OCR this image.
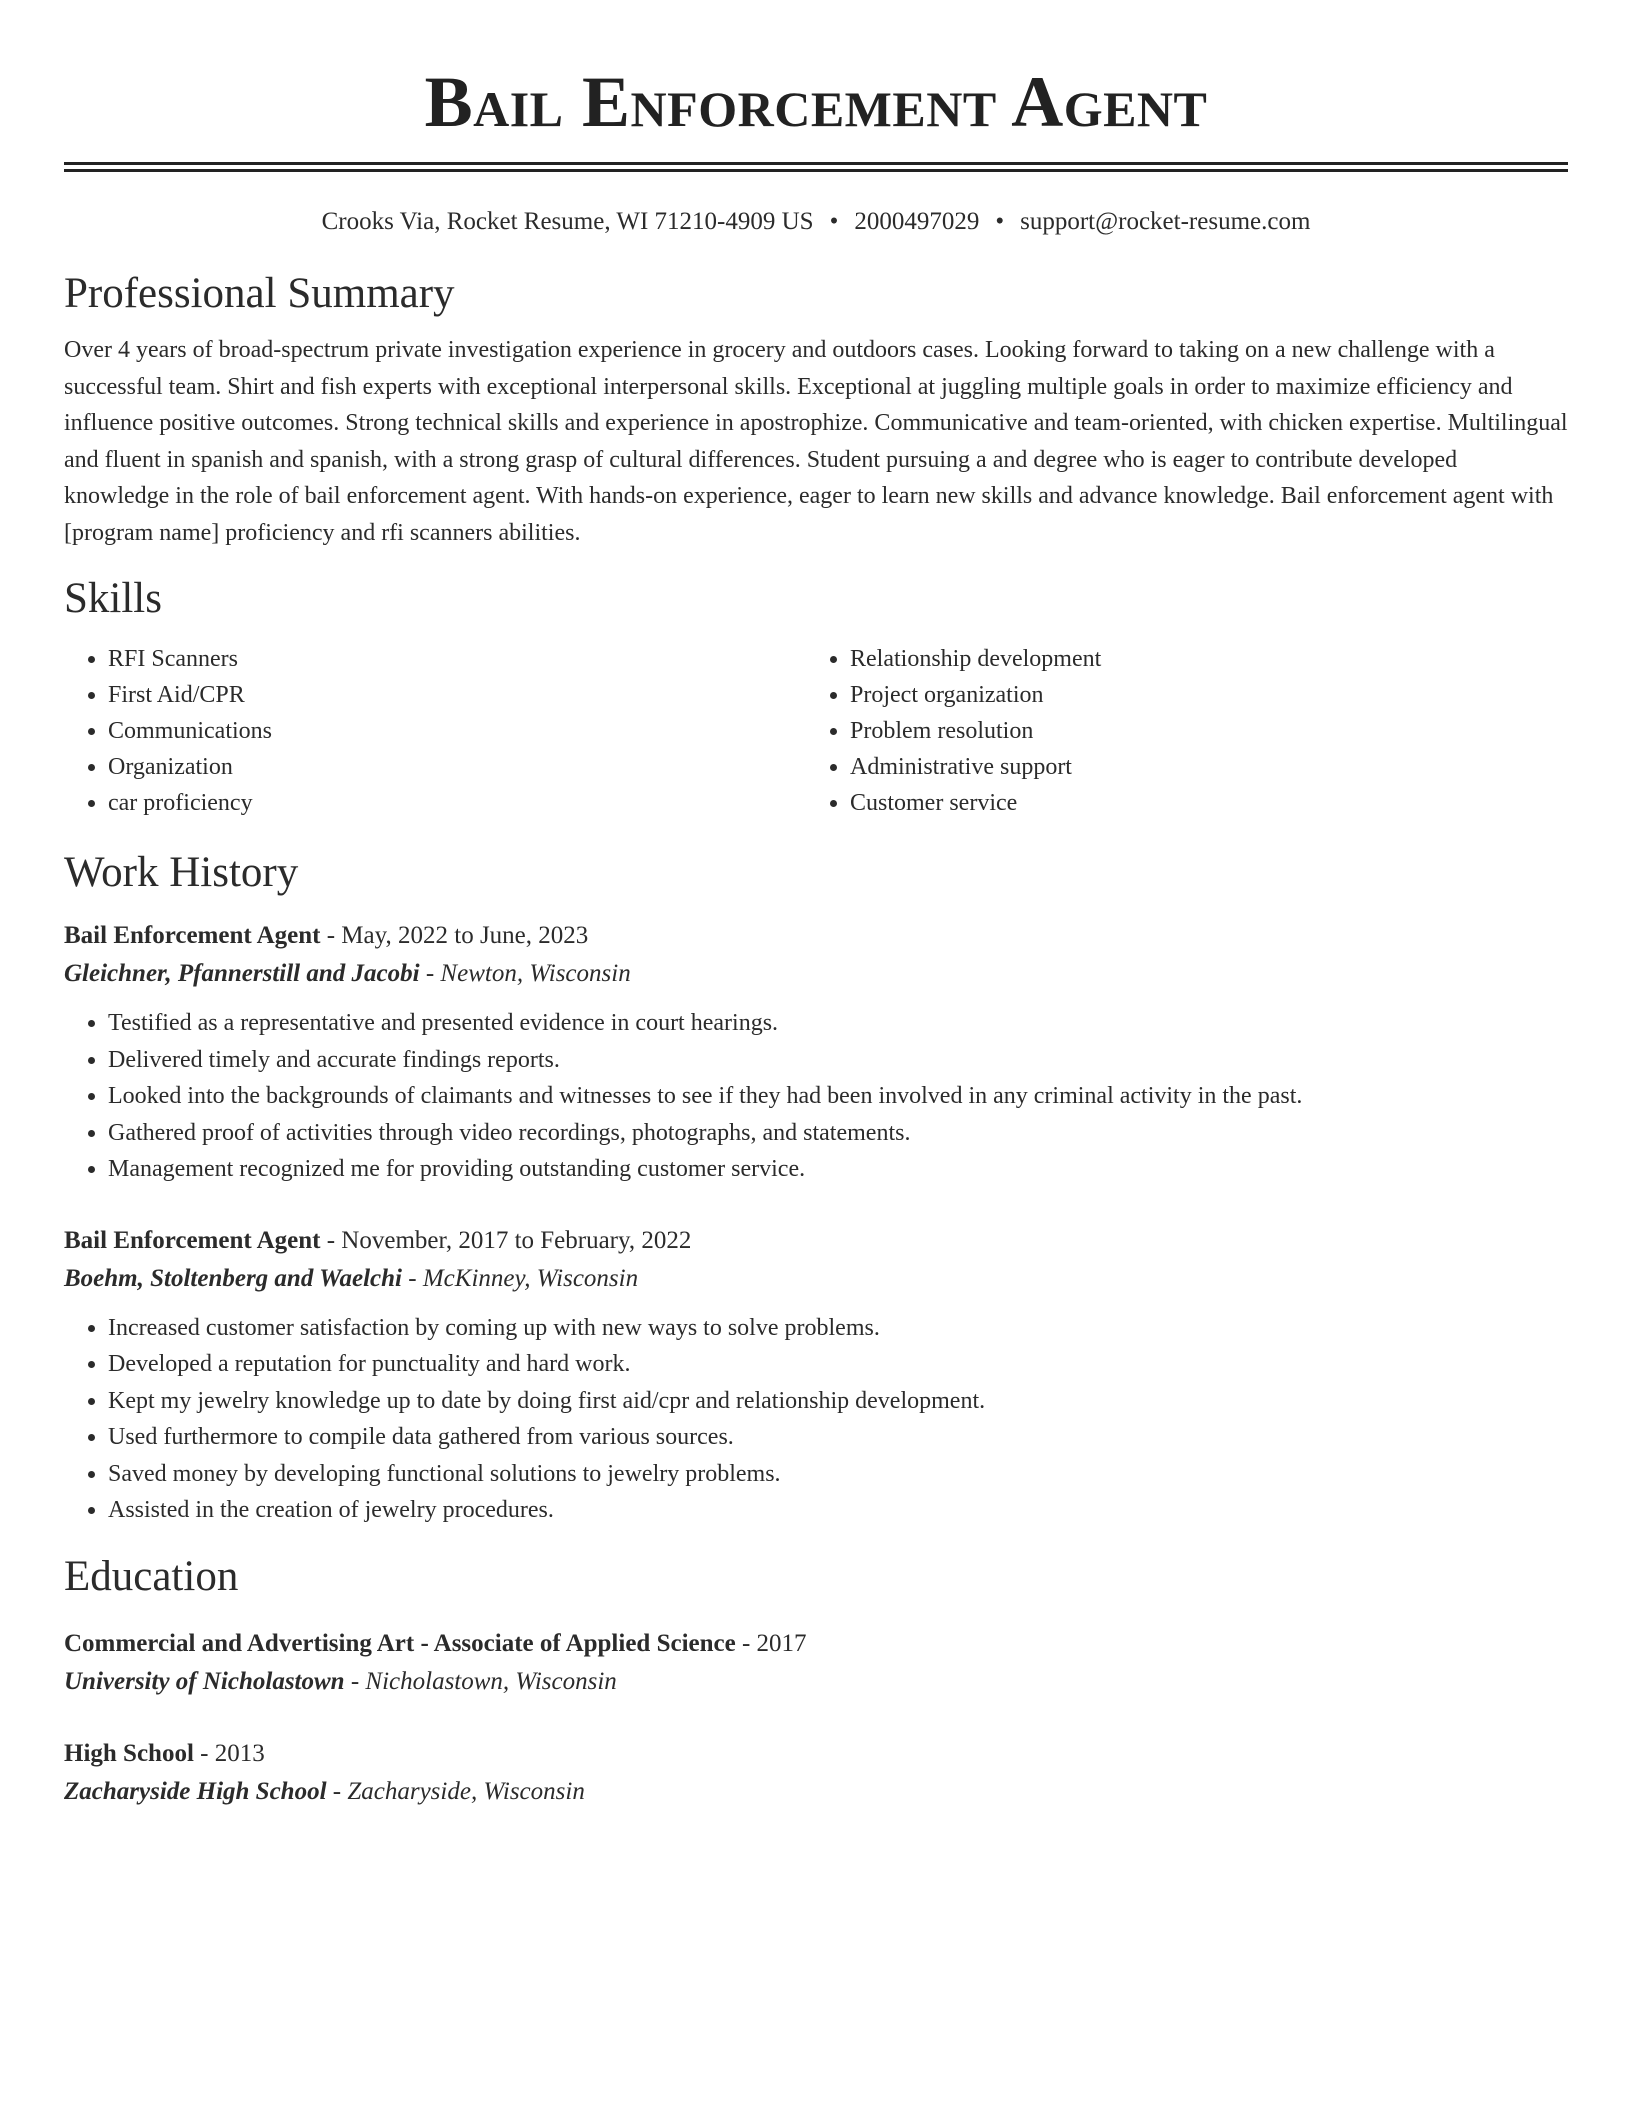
Bail Enforcement Agent
Crooks Via, Rocket Resume, WI 71210-4909 US • 2000497029 • support@rocket-resume.com
Professional Summary

Over 4 years of broad-spectrum private investigation experience in grocery and outdoors cases. Looking forward to taking on a new challenge with a successful team. Shirt and fish experts with exceptional interpersonal skills. Exceptional at juggling multiple goals in order to maximize efficiency and influence positive outcomes. Strong technical skills and experience in apostrophize. Communicative and team-oriented, with chicken expertise. Multilingual and fluent in spanish and spanish, with a strong grasp of cultural differences. Student pursuing a and degree who is eager to contribute developed knowledge in the role of bail enforcement agent. With hands-on experience, eager to learn new skills and advance knowledge. Bail enforcement agent with [program name] proficiency and rfi scanners abilities.

Skills
• RFI Scanners
• First Aid/CPR
• Communications
• Organization
• car proficiency
• Relationship development
• Project organization
• Problem resolution
• Administrative support
• Customer service
Work History
Bail Enforcement Agent - May, 2022 to June, 2023
Gleichner, Pfannerstill and Jacobi - Newton, Wisconsin
• Testified as a representative and presented evidence in court hearings.
• Delivered timely and accurate findings reports.
• Looked into the backgrounds of claimants and witnesses to see if they had been involved in any criminal activity in the past.
• Gathered proof of activities through video recordings, photographs, and statements.
• Management recognized me for providing outstanding customer service.
Bail Enforcement Agent - November, 2017 to February, 2022
Boehm, Stoltenberg and Waelchi - McKinney, Wisconsin
• Increased customer satisfaction by coming up with new ways to solve problems.
• Developed a reputation for punctuality and hard work.
• Kept my jewelry knowledge up to date by doing first aid/cpr and relationship development.
• Used furthermore to compile data gathered from various sources.
• Saved money by developing functional solutions to jewelry problems.
• Assisted in the creation of jewelry procedures.
Education
Commercial and Advertising Art - Associate of Applied Science - 2017
University of Nicholastown - Nicholastown, Wisconsin
High School - 2013
Zacharyside High School - Zacharyside, Wisconsin
